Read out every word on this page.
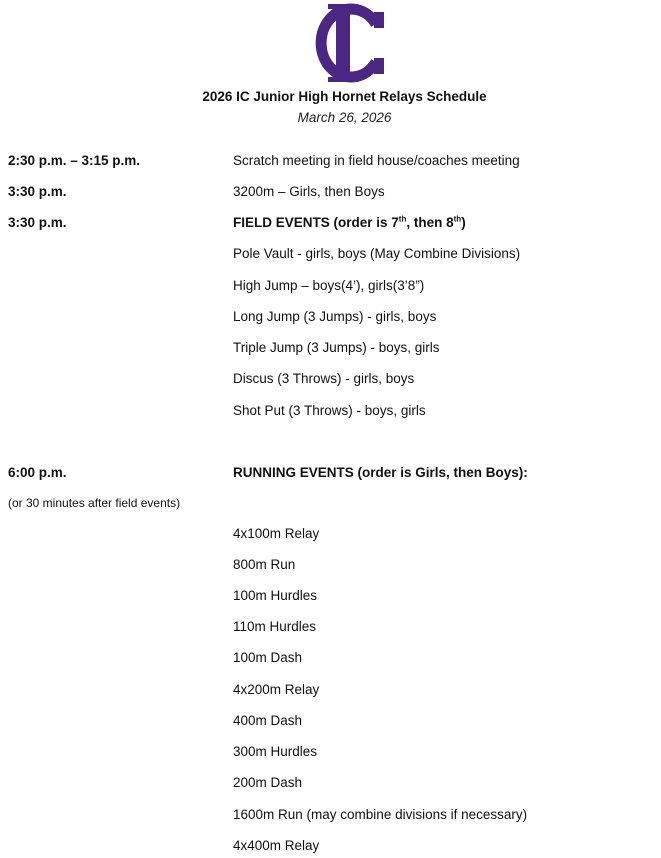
2026 IC Junior High Hornet Relays Schedule
March 26, 2026
2:30 p.m. – 3:15 p.m.	Scratch meeting in field house/coaches meeting
3:30 p.m.	3200m – Girls, then Boys
3:30 p.m.	FIELD EVENTS (order is 7th, then 8th)
Pole Vault - girls, boys (May Combine Divisions)
High Jump – boys(4’), girls(3’8”)
Long Jump (3 Jumps) - girls, boys
Triple Jump (3 Jumps) - boys, girls
Discus (3 Throws) - girls, boys
Shot Put (3 Throws) - boys, girls
6:00 p.m.	RUNNING EVENTS (order is Girls, then Boys):
(or 30 minutes after field events)
4x100m Relay
800m Run
100m Hurdles
110m Hurdles
100m Dash
4x200m Relay
400m Dash
300m Hurdles
200m Dash
1600m Run (may combine divisions if necessary)
4x400m Relay
